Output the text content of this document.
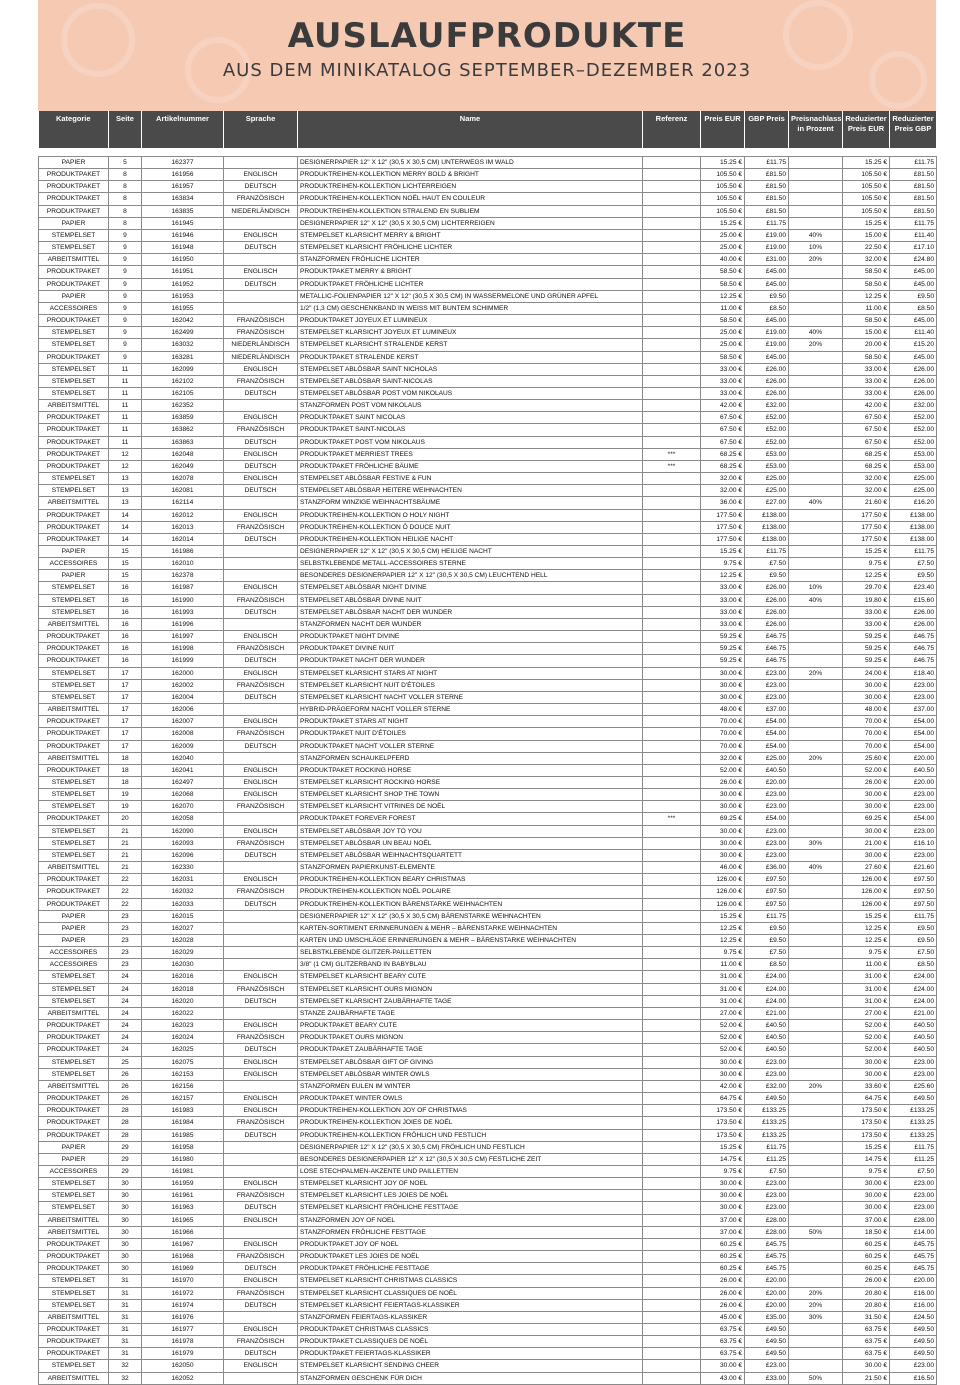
AUSLAUFPRODUKTE
AUS DEM MINIKATALOG SEPTEMBER–DEZEMBER 2023
Kategorie	Seite	Artikelnummer	Sprache	Name	Referenz	Preis EUR	GBP Preis	Preisnachlass in Prozent	Reduzierter Preis EUR	Reduzierter Preis GBP

PAPIER	5	162377		DESIGNERPAPIER 12" X 12" (30,5 X 30,5 CM) UNTERWEGS IM WALD		15.25 €	£11.75		15.25 €	£11.75
PRODUKTPAKET	8	161956	ENGLISCH	PRODUKTREIHEN-KOLLEKTION MERRY BOLD & BRIGHT		105.50 €	£81.50		105.50 €	£81.50
PRODUKTPAKET	8	161957	DEUTSCH	PRODUKTREIHEN-KOLLEKTION LICHTERREIGEN		105.50 €	£81.50		105.50 €	£81.50
PRODUKTPAKET	8	163834	FRANZÖSISCH	PRODUKTREIHEN-KOLLEKTION NOËL HAUT EN COULEUR		105.50 €	£81.50		105.50 €	£81.50
PRODUKTPAKET	8	163835	NIEDERLÄNDISCH	PRODUKTREIHEN-KOLLEKTION STRALEND EN SUBLIEM		105.50 €	£81.50		105.50 €	£81.50
PAPIER	8	161945		DESIGNERPAPIER 12" X 12" (30,5 X 30,5 CM) LICHTERREIGEN		15.25 €	£11.75		15.25 €	£11.75
STEMPELSET	9	161946	ENGLISCH	STEMPELSET KLARSICHT MERRY & BRIGHT		25.00 €	£19.00	40%	15.00 €	£11.40
STEMPELSET	9	161948	DEUTSCH	STEMPELSET KLARSICHT FRÖHLICHE LICHTER		25.00 €	£19.00	10%	22.50 €	£17.10
ARBEITSMITTEL	9	161950		STANZFORMEN FRÖHLICHE LICHTER		40.00 €	£31.00	20%	32.00 €	£24.80
PRODUKTPAKET	9	161951	ENGLISCH	PRODUKTPAKET MERRY & BRIGHT		58.50 €	£45.00		58.50 €	£45.00
PRODUKTPAKET	9	161952	DEUTSCH	PRODUKTPAKET FRÖHLICHE LICHTER		58.50 €	£45.00		58.50 €	£45.00
PAPIER	9	161953		METALLIC-FOLIENPAPIER 12" X 12" (30,5 X 30,5 CM) IN WASSERMELONE UND GRÜNER APFEL		12.25 €	£9.50		12.25 €	£9.50
ACCESSOIRES	9	161955		1/2" (1,3 CM) GESCHENKBAND IN WEISS MIT BUNTEM SCHIMMER		11.00 €	£8.50		11.00 €	£8.50
PRODUKTPAKET	9	162042	FRANZÖSISCH	PRODUKTPAKET JOYEUX ET LUMINEUX		58.50 €	£45.00		58.50 €	£45.00
STEMPELSET	9	162499	FRANZÖSISCH	STEMPELSET KLARSICHT JOYEUX ET LUMINEUX		25.00 €	£19.00	40%	15.00 €	£11.40
STEMPELSET	9	163032	NIEDERLÄNDISCH	STEMPELSET KLARSICHT STRALENDE KERST		25.00 €	£19.00	20%	20.00 €	£15.20
PRODUKTPAKET	9	163281	NIEDERLÄNDISCH	PRODUKTPAKET STRALENDE KERST		58.50 €	£45.00		58.50 €	£45.00
STEMPELSET	11	162099	ENGLISCH	STEMPELSET ABLÖSBAR SAINT NICHOLAS		33.00 €	£26.00		33.00 €	£26.00
STEMPELSET	11	162102	FRANZÖSISCH	STEMPELSET ABLÖSBAR SAINT-NICOLAS		33.00 €	£26.00		33.00 €	£26.00
STEMPELSET	11	162105	DEUTSCH	STEMPELSET ABLÖSBAR POST VOM NIKOLAUS		33.00 €	£26.00		33.00 €	£26.00
ARBEITSMITTEL	11	162352		STANZFORMEN POST VOM NIKOLAUS		42.00 €	£32.00		42.00 €	£32.00
PRODUKTPAKET	11	163859	ENGLISCH	PRODUKTPAKET SAINT NICOLAS		67.50 €	£52.00		67.50 €	£52.00
PRODUKTPAKET	11	163862	FRANZÖSISCH	PRODUKTPAKET SAINT-NICOLAS		67.50 €	£52.00		67.50 €	£52.00
PRODUKTPAKET	11	163863	DEUTSCH	PRODUKTPAKET POST VOM NIKOLAUS		67.50 €	£52.00		67.50 €	£52.00
PRODUKTPAKET	12	162048	ENGLISCH	PRODUKTPAKET MERRIEST TREES	***	68.25 €	£53.00		68.25 €	£53.00
PRODUKTPAKET	12	162049	DEUTSCH	PRODUKTPAKET FRÖHLICHE BÄUME	***	68.25 €	£53.00		68.25 €	£53.00
STEMPELSET	13	162078	ENGLISCH	STEMPELSET ABLÖSBAR FESTIVE & FUN		32.00 €	£25.00		32.00 €	£25.00
STEMPELSET	13	162081	DEUTSCH	STEMPELSET ABLÖSBAR HEITERE WEIHNACHTEN		32.00 €	£25.00		32.00 €	£25.00
ARBEITSMITTEL	13	162114		STANZFORM WINZIGE WEIHNACHTSBÄUME		36.00 €	£27.00	40%	21.60 €	£16.20
PRODUKTPAKET	14	162012	ENGLISCH	PRODUKTREIHEN-KOLLEKTION O HOLY NIGHT		177.50 €	£138.00		177.50 €	£138.00
PRODUKTPAKET	14	162013	FRANZÖSISCH	PRODUKTREIHEN-KOLLEKTION Ô DOUCE NUIT		177.50 €	£138.00		177.50 €	£138.00
PRODUKTPAKET	14	162014	DEUTSCH	PRODUKTREIHEN-KOLLEKTION HEILIGE NACHT		177.50 €	£138.00		177.50 €	£138.00
PAPIER	15	161986		DESIGNERPAPIER 12" X 12" (30,5 X 30,5 CM) HEILIGE NACHT		15.25 €	£11.75		15.25 €	£11.75
ACCESSOIRES	15	162010		SELBSTKLEBENDE METALL-ACCESSOIRES STERNE		9.75 €	£7.50		9.75 €	£7.50
PAPIER	15	162378		BESONDERES DESIGNERPAPIER 12" X 12" (30,5 X 30,5 CM) LEUCHTEND HELL		12.25 €	£9.50		12.25 €	£9.50
STEMPELSET	16	161987	ENGLISCH	STEMPELSET ABLÖSBAR NIGHT DIVINE		33.00 €	£26.00	10%	29.70 €	£23.40
STEMPELSET	16	161990	FRANZÖSISCH	STEMPELSET ABLÖSBAR DIVINE NUIT		33.00 €	£26.00	40%	19.80 €	£15.60
STEMPELSET	16	161993	DEUTSCH	STEMPELSET ABLÖSBAR NACHT DER WUNDER		33.00 €	£26.00		33.00 €	£26.00
ARBEITSMITTEL	16	161996		STANZFORMEN NACHT DER WUNDER		33.00 €	£26.00		33.00 €	£26.00
PRODUKTPAKET	16	161997	ENGLISCH	PRODUKTPAKET NIGHT DIVINE		59.25 €	£46.75		59.25 €	£46.75
PRODUKTPAKET	16	161998	FRANZÖSISCH	PRODUKTPAKET DIVINE NUIT		59.25 €	£46.75		59.25 €	£46.75
PRODUKTPAKET	16	161999	DEUTSCH	PRODUKTPAKET NACHT DER WUNDER		59.25 €	£46.75		59.25 €	£46.75
STEMPELSET	17	162000	ENGLISCH	STEMPELSET KLARSICHT STARS AT NIGHT		30.00 €	£23.00	20%	24.00 €	£18.40
STEMPELSET	17	162002	FRANZÖSISCH	STEMPELSET KLARSICHT NUIT D'ÉTOILES		30.00 €	£23.00		30.00 €	£23.00
STEMPELSET	17	162004	DEUTSCH	STEMPELSET KLARSICHT NACHT VOLLER STERNE		30.00 €	£23.00		30.00 €	£23.00
ARBEITSMITTEL	17	162006		HYBRID-PRÄGEFORM NACHT VOLLER STERNE		48.00 €	£37.00		48.00 €	£37.00
PRODUKTPAKET	17	162007	ENGLISCH	PRODUKTPAKET STARS AT NIGHT		70.00 €	£54.00		70.00 €	£54.00
PRODUKTPAKET	17	162008	FRANZÖSISCH	PRODUKTPAKET NUIT D'ÉTOILES		70.00 €	£54.00		70.00 €	£54.00
PRODUKTPAKET	17	162009	DEUTSCH	PRODUKTPAKET NACHT VOLLER STERNE		70.00 €	£54.00		70.00 €	£54.00
ARBEITSMITTEL	18	162040		STANZFORMEN SCHAUKELPFERD		32.00 €	£25.00	20%	25.60 €	£20.00
PRODUKTPAKET	18	162041	ENGLISCH	PRODUKTPAKET ROCKING HORSE		52.00 €	£40.50		52.00 €	£40.50
STEMPELSET	18	162497	ENGLISCH	STEMPELSET KLARSICHT ROCKING HORSE		26.00 €	£20.00		26.00 €	£20.00
STEMPELSET	19	162068	ENGLISCH	STEMPELSET KLARSICHT SHOP THE TOWN		30.00 €	£23.00		30.00 €	£23.00
STEMPELSET	19	162070	FRANZÖSISCH	STEMPELSET KLARSICHT VITRINES DE NOËL		30.00 €	£23.00		30.00 €	£23.00
PRODUKTPAKET	20	162058		PRODUKTPAKET FOREVER FOREST	***	69.25 €	£54.00		69.25 €	£54.00
STEMPELSET	21	162090	ENGLISCH	STEMPELSET ABLÖSBAR JOY TO YOU		30.00 €	£23.00		30.00 €	£23.00
STEMPELSET	21	162093	FRANZÖSISCH	STEMPELSET ABLÖSBAR UN BEAU NOËL		30.00 €	£23.00	30%	21.00 €	£16.10
STEMPELSET	21	162096	DEUTSCH	STEMPELSET ABLÖSBAR WEIHNACHTSQUARTETT		30.00 €	£23.00		30.00 €	£23.00
ARBEITSMITTEL	21	162330		STANZFORMEN PAPIERKUNST-ELEMENTE		46.00 €	£36.00	40%	27.60 €	£21.60
PRODUKTPAKET	22	162031	ENGLISCH	PRODUKTREIHEN-KOLLEKTION BEARY CHRISTMAS		126.00 €	£97.50		126.00 €	£97.50
PRODUKTPAKET	22	162032	FRANZÖSISCH	PRODUKTREIHEN-KOLLEKTION NOËL POLAIRE		126.00 €	£97.50		126.00 €	£97.50
PRODUKTPAKET	22	162033	DEUTSCH	PRODUKTREIHEN-KOLLEKTION BÄRENSTARKE WEIHNACHTEN		126.00 €	£97.50		126.00 €	£97.50
PAPIER	23	162015		DESIGNERPAPIER 12" X 12" (30,5 X 30,5 CM) BÄRENSTARKE WEIHNACHTEN		15.25 €	£11.75		15.25 €	£11.75
PAPIER	23	162027		KARTEN-SORTIMENT ERINNERUNGEN & MEHR – BÄRENSTARKE WEIHNACHTEN		12.25 €	£9.50		12.25 €	£9.50
PAPIER	23	162028		KARTEN UND UMSCHLÄGE ERINNERUNGEN & MEHR – BÄRENSTARKE WEIHNACHTEN		12.25 €	£9.50		12.25 €	£9.50
ACCESSOIRES	23	162029		SELBSTKLEBENDE GLITZER-PAILLETTEN		9.75 €	£7.50		9.75 €	£7.50
ACCESSOIRES	23	162030		3/8" (1 CM) GLITZERBAND IN BABYBLAU		11.00 €	£8.50		11.00 €	£8.50
STEMPELSET	24	162016	ENGLISCH	STEMPELSET KLARSICHT BEARY CUTE		31.00 €	£24.00		31.00 €	£24.00
STEMPELSET	24	162018	FRANZÖSISCH	STEMPELSET KLARSICHT OURS MIGNON		31.00 €	£24.00		31.00 €	£24.00
STEMPELSET	24	162020	DEUTSCH	STEMPELSET KLARSICHT ZAUBÄRHAFTE TAGE		31.00 €	£24.00		31.00 €	£24.00
ARBEITSMITTEL	24	162022		STANZE ZAUBÄRHAFTE TAGE		27.00 €	£21.00		27.00 €	£21.00
PRODUKTPAKET	24	162023	ENGLISCH	PRODUKTPAKET BEARY CUTE		52.00 €	£40.50		52.00 €	£40.50
PRODUKTPAKET	24	162024	FRANZÖSISCH	PRODUKTPAKET OURS MIGNON		52.00 €	£40.50		52.00 €	£40.50
PRODUKTPAKET	24	162025	DEUTSCH	PRODUKTPAKET ZAUBÄRHAFTE TAGE		52.00 €	£40.50		52.00 €	£40.50
STEMPELSET	25	162075	ENGLISCH	STEMPELSET ABLÖSBAR GIFT OF GIVING		30.00 €	£23.00		30.00 €	£23.00
STEMPELSET	26	162153	ENGLISCH	STEMPELSET ABLÖSBAR WINTER OWLS		30.00 €	£23.00		30.00 €	£23.00
ARBEITSMITTEL	26	162156		STANZFORMEN EULEN IM WINTER		42.00 €	£32.00	20%	33.60 €	£25.60
PRODUKTPAKET	26	162157	ENGLISCH	PRODUKTPAKET WINTER OWLS		64.75 €	£49.50		64.75 €	£49.50
PRODUKTPAKET	28	161983	ENGLISCH	PRODUKTREIHEN-KOLLEKTION JOY OF CHRISTMAS		173.50 €	£133.25		173.50 €	£133.25
PRODUKTPAKET	28	161984	FRANZÖSISCH	PRODUKTREIHEN-KOLLEKTION JOIES DE NOËL		173.50 €	£133.25		173.50 €	£133.25
PRODUKTPAKET	28	161985	DEUTSCH	PRODUKTREIHEN-KOLLEKTION FRÖHLICH UND FESTLICH		173.50 €	£133.25		173.50 €	£133.25
PAPIER	29	161958		DESIGNERPAPIER 12" X 12" (30,5 X 30,5 CM) FRÖHLICH UND FESTLICH		15.25 €	£11.75		15.25 €	£11.75
PAPIER	29	161980		BESONDERES DESIGNERPAPIER 12" X 12" (30,5 X 30,5 CM) FESTLICHE ZEIT		14.75 €	£11.25		14.75 €	£11.25
ACCESSOIRES	29	161981		LOSE STECHPALMEN-AKZENTE UND PAILLETTEN		9.75 €	£7.50		9.75 €	£7.50
STEMPELSET	30	161959	ENGLISCH	STEMPELSET KLARSICHT JOY OF NOEL		30.00 €	£23.00		30.00 €	£23.00
STEMPELSET	30	161961	FRANZÖSISCH	STEMPELSET KLARSICHT LES JOIES DE NOËL		30.00 €	£23.00		30.00 €	£23.00
STEMPELSET	30	161963	DEUTSCH	STEMPELSET KLARSICHT FRÖHLICHE FESTTAGE		30.00 €	£23.00		30.00 €	£23.00
ARBEITSMITTEL	30	161965	ENGLISCH	STANZFORMEN JOY OF NOEL		37.00 €	£28.00		37.00 €	£28.00
ARBEITSMITTEL	30	161966		STANZFORMEN FRÖHLICHE FESTTAGE		37.00 €	£28.00	50%	18.50 €	£14.00
PRODUKTPAKET	30	161967	ENGLISCH	PRODUKTPAKET JOY OF NOEL		60.25 €	£45.75		60.25 €	£45.75
PRODUKTPAKET	30	161968	FRANZÖSISCH	PRODUKTPAKET LES JOIES DE NOËL		60.25 €	£45.75		60.25 €	£45.75
PRODUKTPAKET	30	161969	DEUTSCH	PRODUKTPAKET FRÖHLICHE FESTTAGE		60.25 €	£45.75		60.25 €	£45.75
STEMPELSET	31	161970	ENGLISCH	STEMPELSET KLARSICHT CHRISTMAS CLASSICS		26.00 €	£20.00		26.00 €	£20.00
STEMPELSET	31	161972	FRANZÖSISCH	STEMPELSET KLARSICHT CLASSIQUES DE NOËL		26.00 €	£20.00	20%	20.80 €	£16.00
STEMPELSET	31	161974	DEUTSCH	STEMPELSET KLARSICHT FEIERTAGS-KLASSIKER		26.00 €	£20.00	20%	20.80 €	£16.00
ARBEITSMITTEL	31	161976		STANZFORMEN FEIERTAGS-KLASSIKER		45.00 €	£35.00	30%	31.50 €	£24.50
PRODUKTPAKET	31	161977	ENGLISCH	PRODUKTPAKET CHRISTMAS CLASSICS		63.75 €	£49.50		63.75 €	£49.50
PRODUKTPAKET	31	161978	FRANZÖSISCH	PRODUKTPAKET CLASSIQUES DE NOËL		63.75 €	£49.50		63.75 €	£49.50
PRODUKTPAKET	31	161979	DEUTSCH	PRODUKTPAKET FEIERTAGS-KLASSIKER		63.75 €	£49.50		63.75 €	£49.50
STEMPELSET	32	162050	ENGLISCH	STEMPELSET KLARSICHT SENDING CHEER		30.00 €	£23.00		30.00 €	£23.00
ARBEITSMITTEL	32	162052		STANZFORMEN GESCHENK FÜR DICH		43.00 €	£33.00	50%	21.50 €	£16.50
